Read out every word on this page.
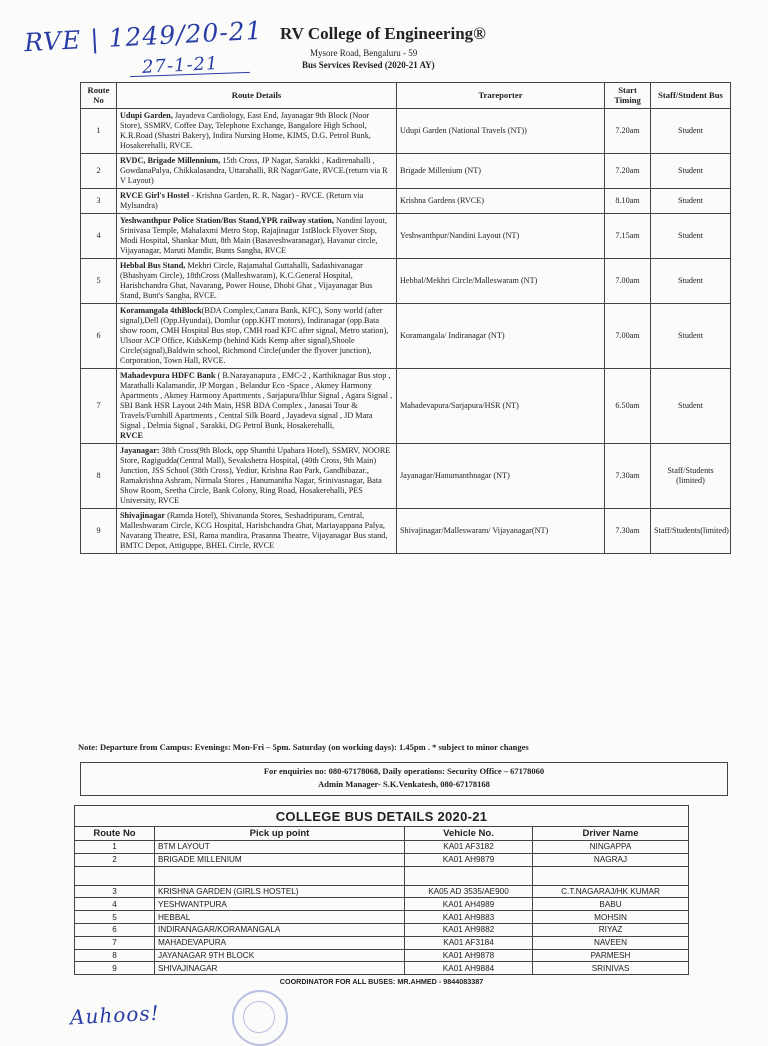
RVE | 1249/20-21
27-1-21
RV College of Engineering®
Mysore Road, Bengaluru - 59
Bus Services Revised (2020-21 AY)
Route No	Route Details	Trareporter	Start Timing	Staff/Student Bus
1	Udupi Garden, Jayadeva Cardiology, East End, Jayanagar 9th Block (Noor Store), SSMRV, Coffee Day, Telephone Exchange, Bangalore High School, K.R.Road (Shastri Bakery), Indira Nursing Home, KIMS, D.G. Petrol Bunk, Hosakerehalli, RVCE.	Udupi Garden (National Travels (NT))	7.20am	Student
2	RVDC, Brigade Millennium, 15th Cross, JP Nagar, Sarakki , Kadirenahalli , GowdanaPalya, Chikkalasandra, Uttarahalli, RR Nagar/Gate, RVCE.(return via R V Layout)	Brigade Millenium (NT)	7.20am	Student
3	RVCE Girl's Hostel - Krishna Garden, R. R. Nagar) - RVCE. (Return via Mylsandra)	Krishna Gardens (RVCE)	8.10am	Student
4	Yeshwanthpur Police Station/Bus Stand,YPR railway station, Nandini layout, Srinivasa Temple, Mahalaxmi Metro Stop, Rajajinagar 1stBlock Flyover Stop, Modi Hospital, Shankar Mutt, 8th Main (Basaveshwaranagar), Havanur circle, Vijayanagar, Maruti Mandir, Bunts Sangha, RVCE	Yeshwanthpur/Nandini Layout (NT)	7.15am	Student
5	Hebbal Bus Stand, Mekhri Circle, Rajamahal Guttahalli, Sadashivanagar (Bhashyam Circle), 18thCross (Malleshwaram), K.C.General Hospital, Harishchandra Ghat, Navarang, Power House, Dhobi Ghat , Vijayanagar Bus Stand, Bunt's Sangha, RVCE.	Hebbal/Mekhri Circle/Malleswaram (NT)	7.00am	Student
6	Koramangala 4thBlock(BDA Complex,Canara Bank, KFC), Sony world (after signal),Dell (Opp.Hyundai), Domlur (opp.KHT motors), Indiranagar (opp.Bata show room, CMH Hospital Bus stop, CMH road KFC after signal, Metro station), Ulsoor ACP Office, KidsKemp (behind Kids Kemp after signal),Shoole Circle(signal),Baldwin school, Richmond Circle(under the flyover junction), Corporation, Town Hall, RVCE.	Koramangala/ Indiranagar (NT)	7.00am	Student
7	Mahadevpura HDFC Bank ( B.Narayanapura , EMC-2 , Karthiknagar Bus stop , Marathalli Kalamandir, JP Morgan , Belandur Eco -Space , Akmey Harmony Apartments , Akmey Harmony Apartments , Sarjapura/Iblur Signal , Agara Signal , SBI Bank HSR Layout 24th Main, HSR BDA Complex , Janasai Tour & Travels/Furnhill Apartments , Central Silk Board , Jayadeva signal , JD Mara Signal , Delmia Signal , Sarakki, DG Petrol Bunk, Hosakerehalli,
RVCE	Mahadevapura/Sarjapura/HSR (NT)	6.50am	Student
8	Jayanagar: 38th Cross(9th Block, opp Shanthi Upahara Hotel), SSMRV, NOORE Store, Ragigudda(Central Mall), Sevakshetra Hospital, (40th Cross, 9th Main) Junction, JSS School (38th Cross), Yediur, Krishna Rao Park, Gandhibazar., Ramakrishna Ashram, Nirmala Stores , Hanumantha Nagar, Srinivasnagar, Bata Show Room, Seetha Circle, Bank Colony, Ring Road, Hosakerehalli, PES University, RVCE	Jayanagar/Hanumanthnagar (NT)	7.30am	Staff/Students (limited)
9	Shivajinagar (Ramda Hotel), Shivananda Stores, Seshadripuram, Central, Malleshwaram Circle, KCG Hospital, Harishchandra Ghat, Mariayappana Palya, Navarang Theatre, ESI, Rama mandira, Prasanna Theatre, Vijayanagar Bus stand, BMTC Depot, Attiguppe, BHEL Circle, RVCE	Shivajinagar/Malleswaram/ Vijayanagar(NT)	7.30am	Staff/Students(limited)
Note: Departure from Campus: Evenings: Mon-Fri – 5pm. Saturday (on working days): 1.45pm . * subject to minor changes
For enquiries no: 080-67178068, Daily operations: Security Office – 67178060
Admin Manager- S.K.Venkatesh, 080-67178168
COLLEGE BUS DETAILS 2020-21			
Route No	Pick up point	Vehicle No.	Driver Name
1	BTM LAYOUT	KA01 AF3182	NINGAPPA
2	BRIGADE MILLENIUM	KA01 AH9879	NAGRAJ

3	KRISHNA GARDEN (GIRLS HOSTEL)	KA05 AD 3535/AE900	C.T.NAGARAJ/HK KUMAR
4	YESHWANTPURA	KA01 AH4989	BABU
5	HEBBAL	KA01 AH9883	MOHSIN
6	INDIRANAGAR/KORAMANGALA	KA01 AH9882	RIYAZ
7	MAHADEVAPURA	KA01 AF3184	NAVEEN
8	JAYANAGAR 9TH BLOCK	KA01 AH9878	PARMESH
9	SHIVAJINAGAR	KA01 AH9884	SRINIVAS
COORDINATOR FOR ALL BUSES: MR.AHMED - 9844083387			
Auhoos!
